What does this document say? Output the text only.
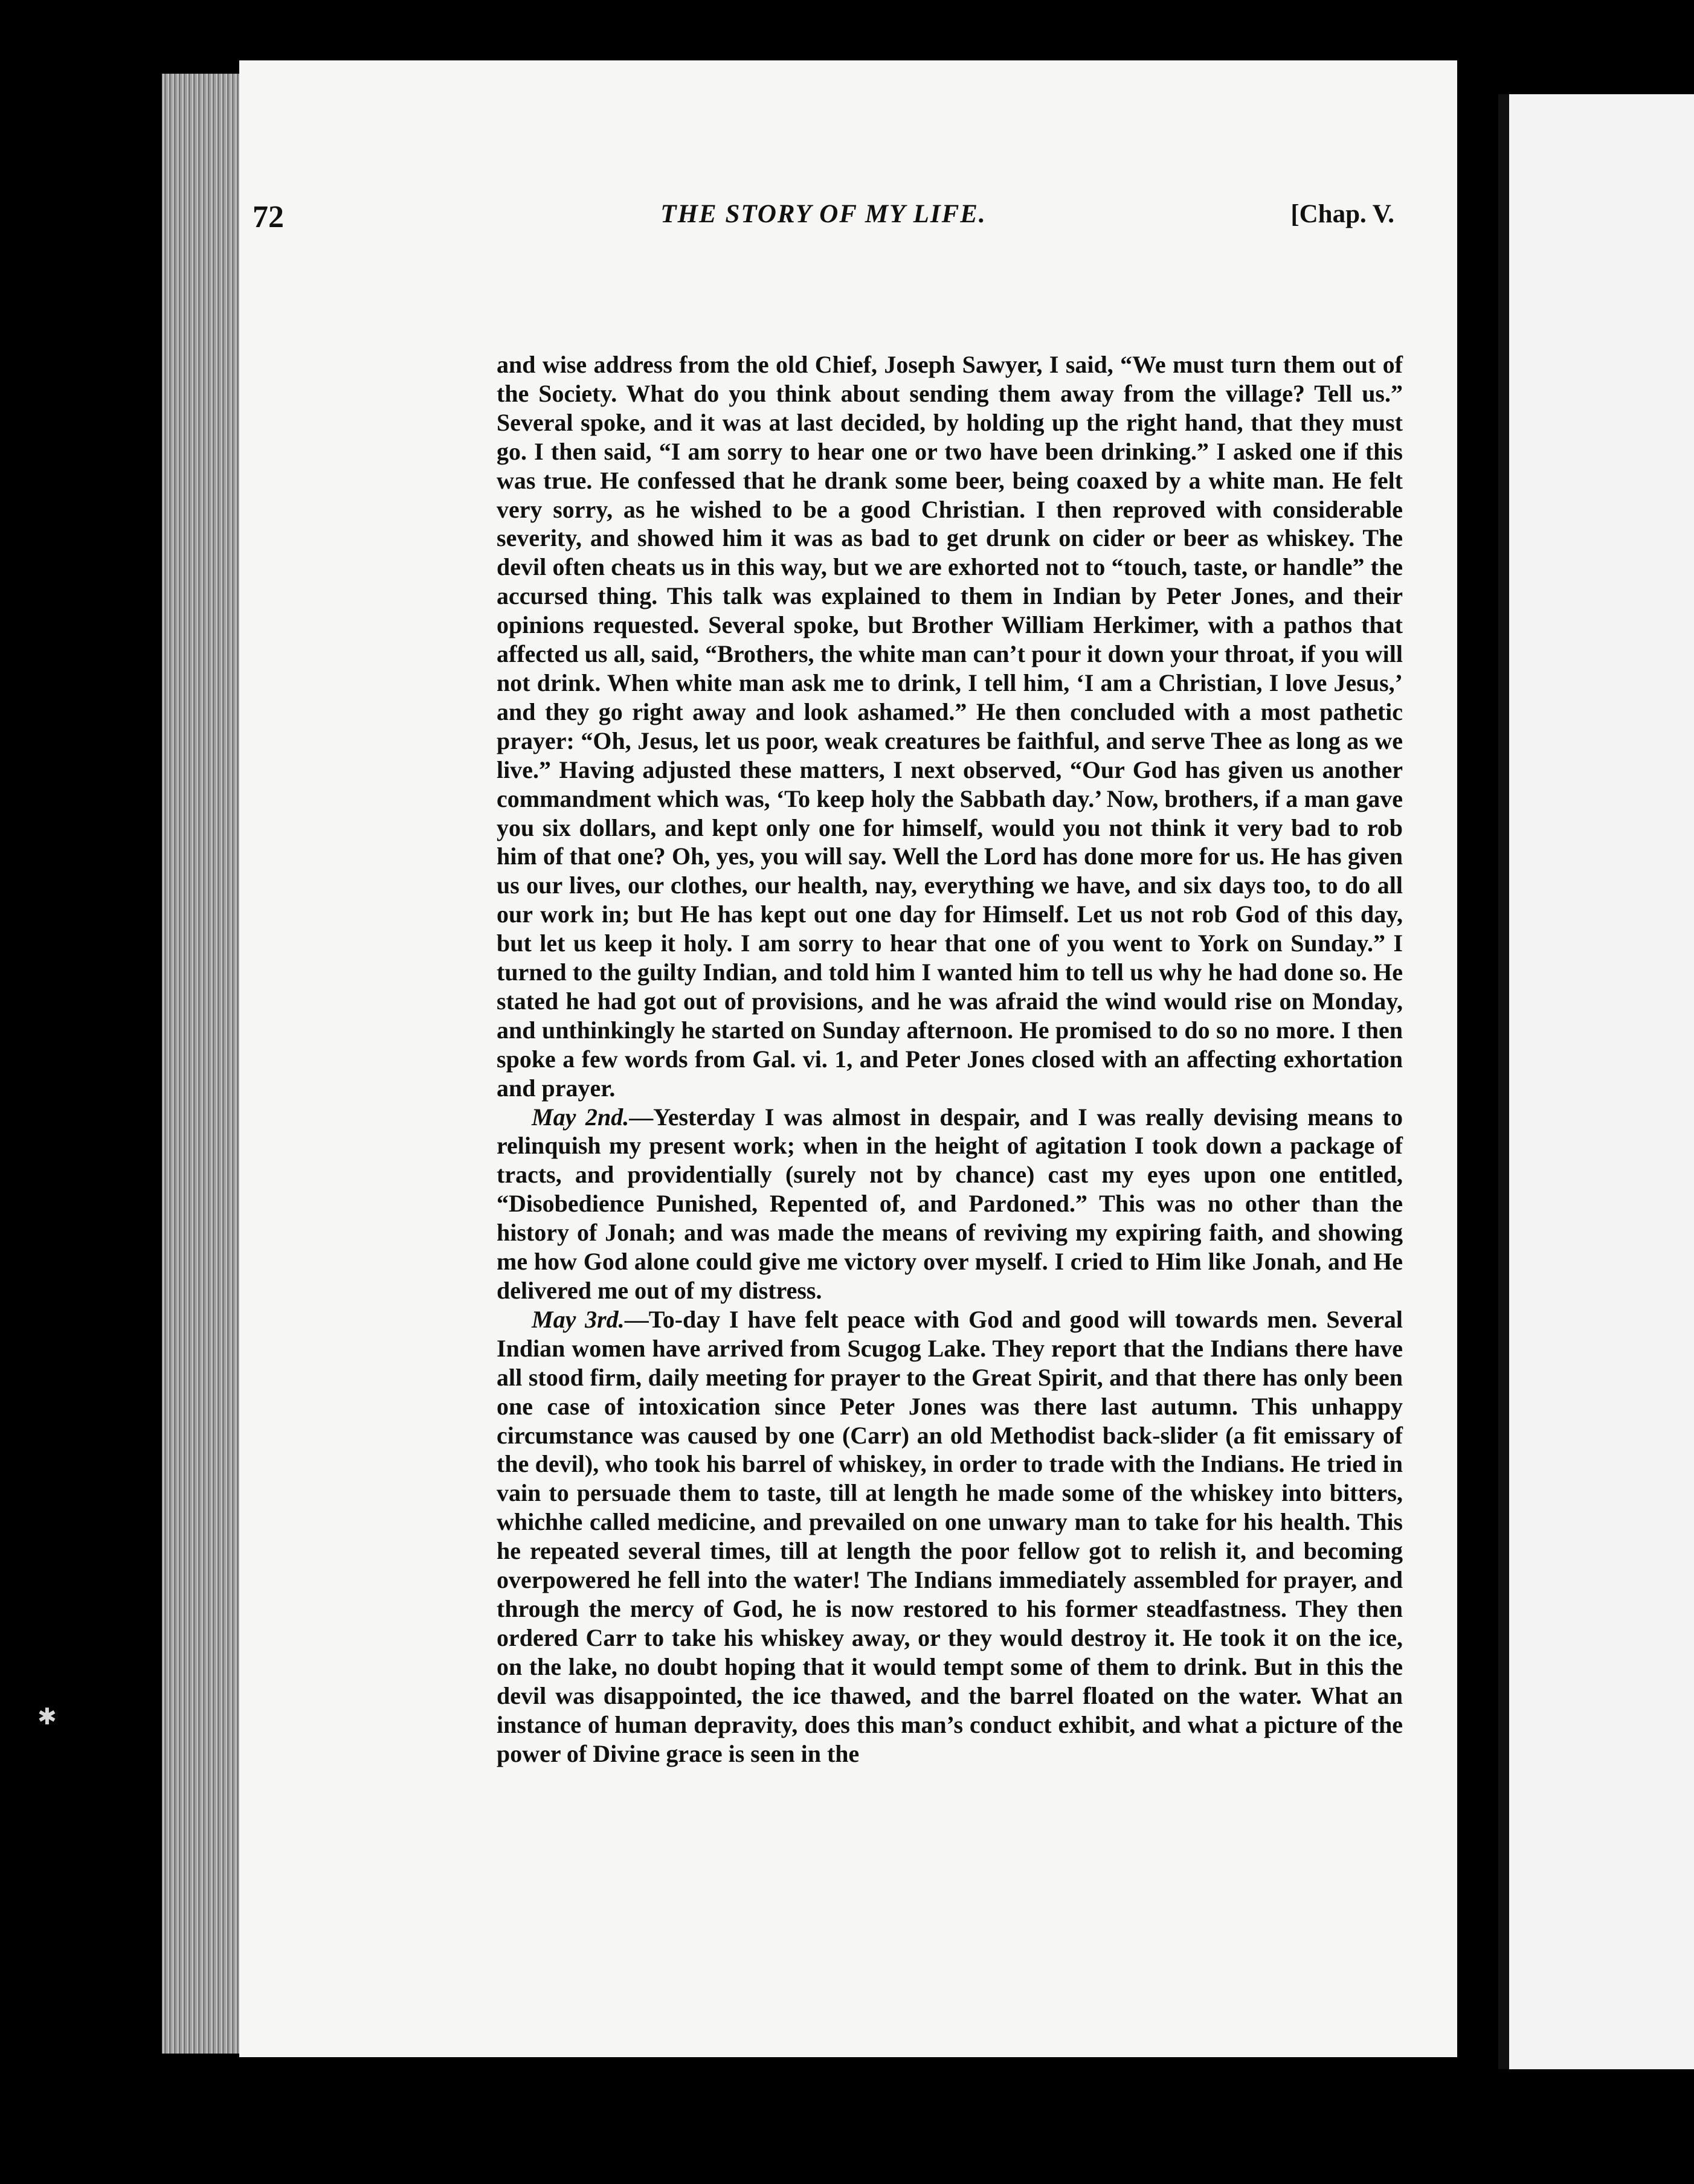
72	THE STORY OF MY LIFE.	[Chap. V.

and wise address from the old Chief, Joseph Sawyer, I said, “We must turn them out of the Society. What do you think about sending them away from the village? Tell us.” Several spoke, and it was at last decided, by holding up the right hand, that they must go. I then said, “I am sorry to hear one or two have been drinking.” I asked one if this was true. He confessed that he drank some beer, being coaxed by a white man. He felt very sorry, as he wished to be a good Christian. I then reproved with considerable severity, and showed him it was as bad to get drunk on cider or beer as whiskey. The devil often cheats us in this way, but we are exhorted not to “touch, taste, or handle” the accursed thing. This talk was explained to them in Indian by Peter Jones, and their opinions requested. Several spoke, but Brother William Herkimer, with a pathos that affected us all, said, “Brothers, the white man can’t pour it down your throat, if you will not drink. When white man ask me to drink, I tell him, ‘I am a Christian, I love Jesus,’ and they go right away and look ashamed.” He then concluded with a most pathetic prayer: “Oh, Jesus, let us poor, weak creatures be faithful, and serve Thee as long as we live.” Having adjusted these matters, I next observed, “Our God has given us another commandment which was, ‘To keep holy the Sabbath day.’ Now, brothers, if a man gave you six dollars, and kept only one for himself, would you not think it very bad to rob him of that one? Oh, yes, you will say. Well the Lord has done more for us. He has given us our lives, our clothes, our health, nay, everything we have, and six days too, to do all our work in; but He has kept out one day for Himself. Let us not rob God of this day, but let us keep it holy. I am sorry to hear that one of you went to York on Sunday.” I turned to the guilty Indian, and told him I wanted him to tell us why he had done so. He stated he had got out of provisions, and he was afraid the wind would rise on Monday, and unthinkingly he started on Sunday afternoon. He promised to do so no more. I then spoke a few words from Gal. vi. 1, and Peter Jones closed with an affecting exhortation and prayer.

May 2nd.—Yesterday I was almost in despair, and I was really devising means to relinquish my present work; when in the height of agitation I took down a package of tracts, and providentially (surely not by chance) cast my eyes upon one entitled, “Disobedience Punished, Repented of, and Pardoned.” This was no other than the history of Jonah; and was made the means of reviving my expiring faith, and showing me how God alone could give me victory over myself. I cried to Him like Jonah, and He delivered me out of my distress.

May 3rd.—To-day I have felt peace with God and good will towards men. Several Indian women have arrived from Scugog Lake. They report that the Indians there have all stood firm, daily meeting for prayer to the Great Spirit, and that there has only been one case of intoxication since Peter Jones was there last autumn. This unhappy circumstance was caused by one (Carr) an old Methodist back-slider (a fit emissary of the devil), who took his barrel of whiskey, in order to trade with the Indians. He tried in vain to persuade them to taste, till at length he made some of the whiskey into bitters, whichhe called medicine, and prevailed on one unwary man to take for his health. This he repeated several times, till at length the poor fellow got to relish it, and becoming overpowered he fell into the water! The Indians immediately assembled for prayer, and through the mercy of God, he is now restored to his former steadfastness. They then ordered Carr to take his whiskey away, or they would destroy it. He took it on the ice, on the lake, no doubt hoping that it would tempt some of them to drink. But in this the devil was disappointed, the ice thawed, and the barrel floated on the water. What an instance of human depravity, does this man’s conduct exhibit, and what a picture of the power of Divine grace is seen in the

✱
